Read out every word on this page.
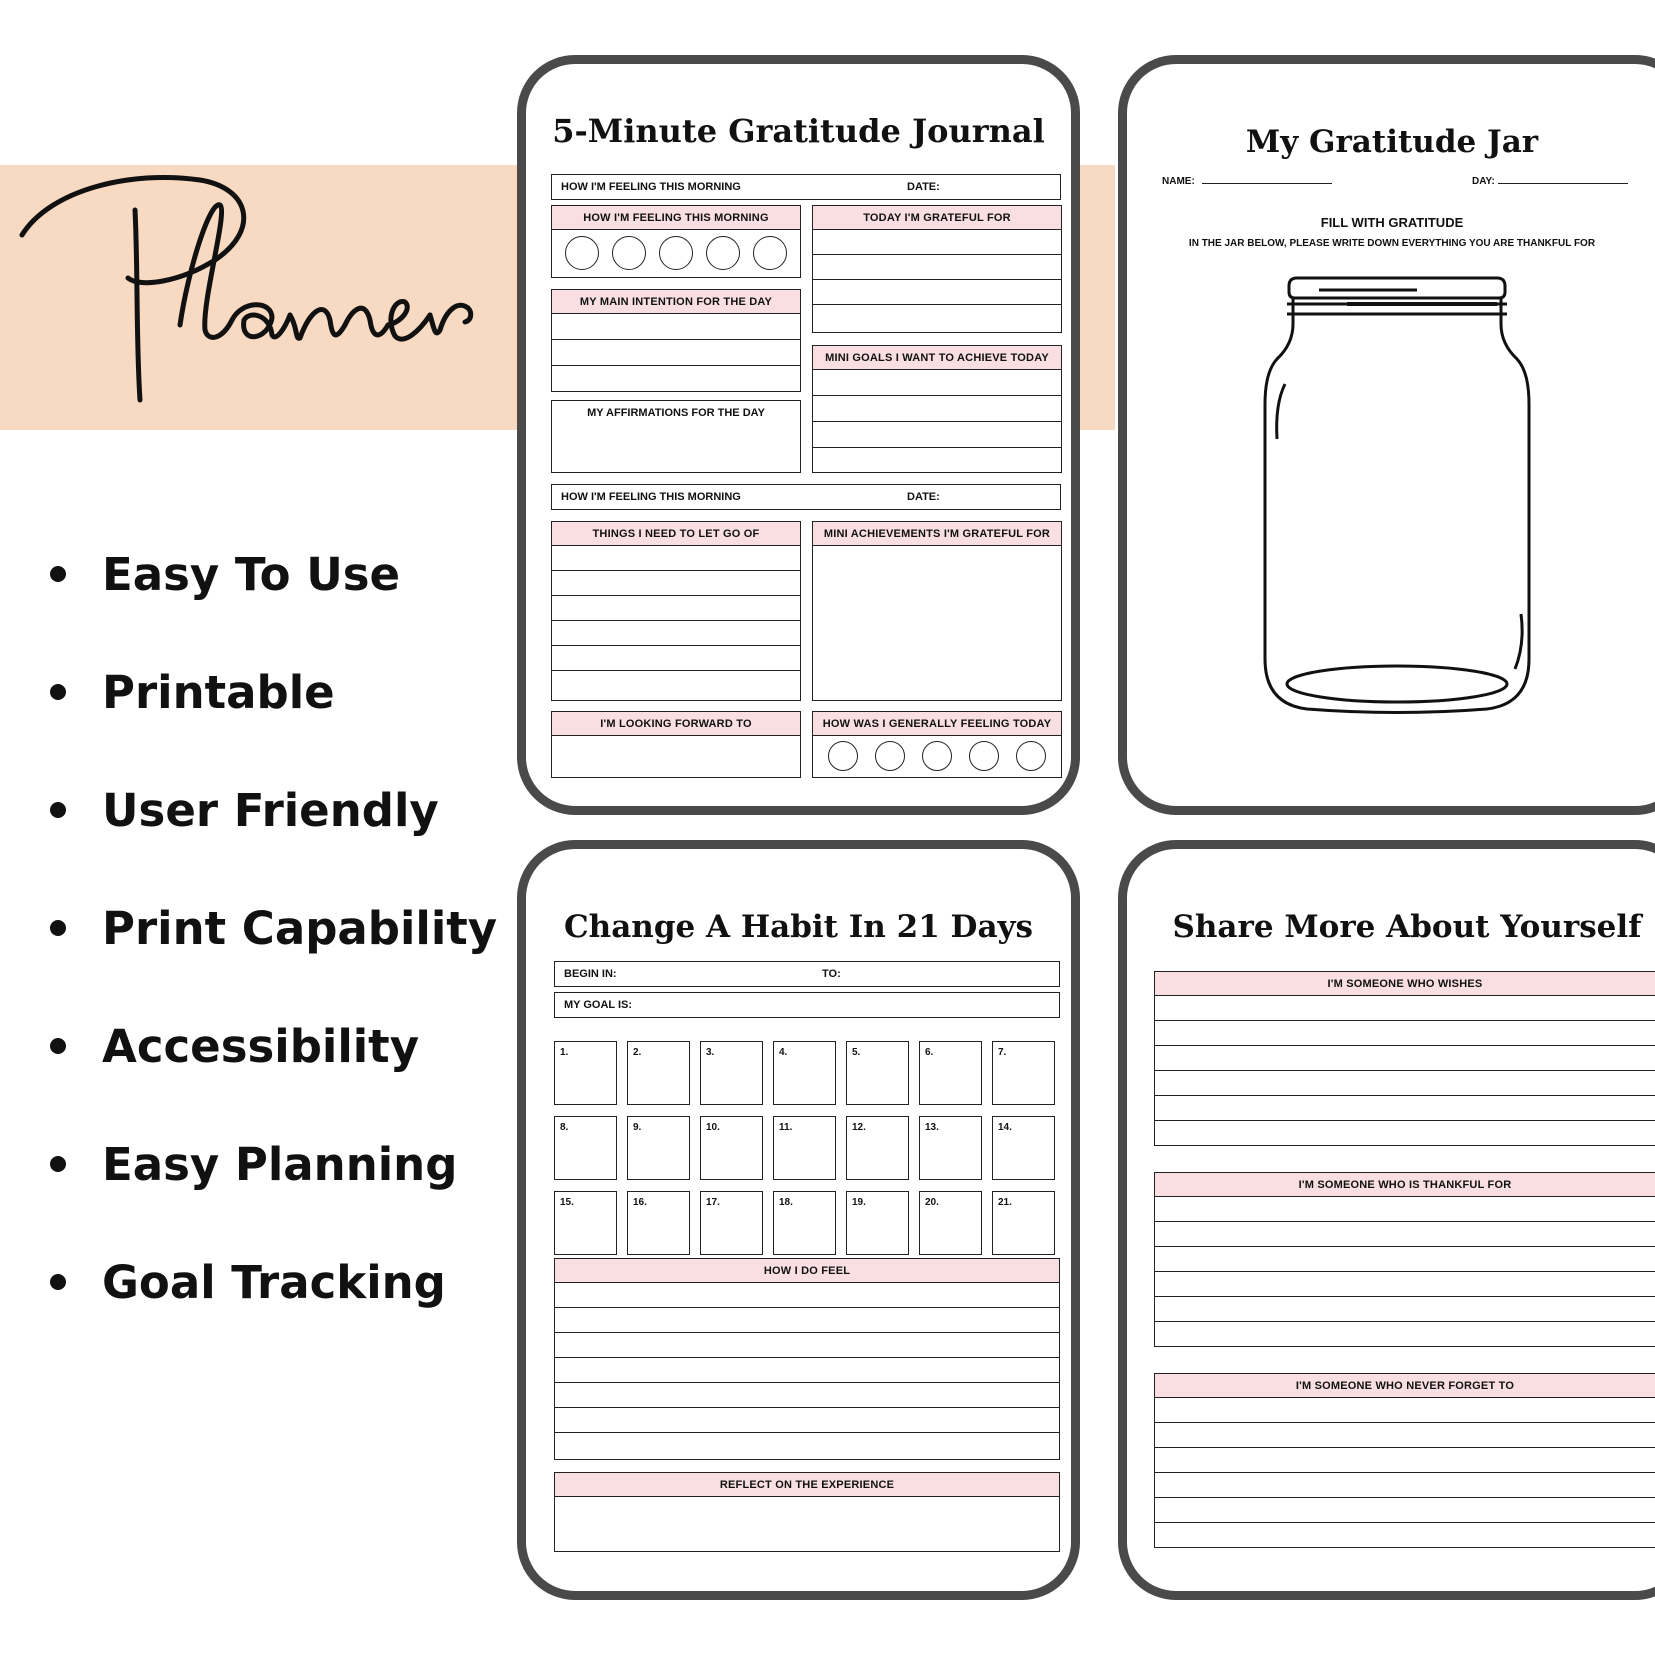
Easy To Use
Printable
User Friendly
Print Capability
Accessibility
Easy Planning
Goal Tracking
5-Minute Gratitude Journal
HOW I'M FEELING THIS MORNING	DATE:
HOW I'M FEELING THIS MORNING	TODAY I'M GRATEFUL FOR
MY MAIN INTENTION FOR THE DAY
MINI GOALS I WANT TO ACHIEVE TODAY
MY AFFIRMATIONS FOR THE DAY
HOW I'M FEELING THIS MORNING	DATE:
THINGS I NEED TO LET GO OF	MINI ACHIEVEMENTS I'M GRATEFUL FOR
I'M LOOKING FORWARD TO	HOW WAS I GENERALLY FEELING TODAY
My Gratitude Jar
NAME:	DAY:
FILL WITH GRATITUDE
IN THE JAR BELOW, PLEASE WRITE DOWN EVERYTHING YOU ARE THANKFUL FOR
Change A Habit In 21 Days
BEGIN IN:	TO:
MY GOAL IS:
1.	2.	3.	4.	5.	6.	7.
8.	9.	10.	11.	12.	13.	14.
15.	16.	17.	18.	19.	20.	21.
HOW I DO FEEL
REFLECT ON THE EXPERIENCE
Share More About Yourself
I'M SOMEONE WHO WISHES
I'M SOMEONE WHO IS THANKFUL FOR
I'M SOMEONE WHO NEVER FORGET TO
